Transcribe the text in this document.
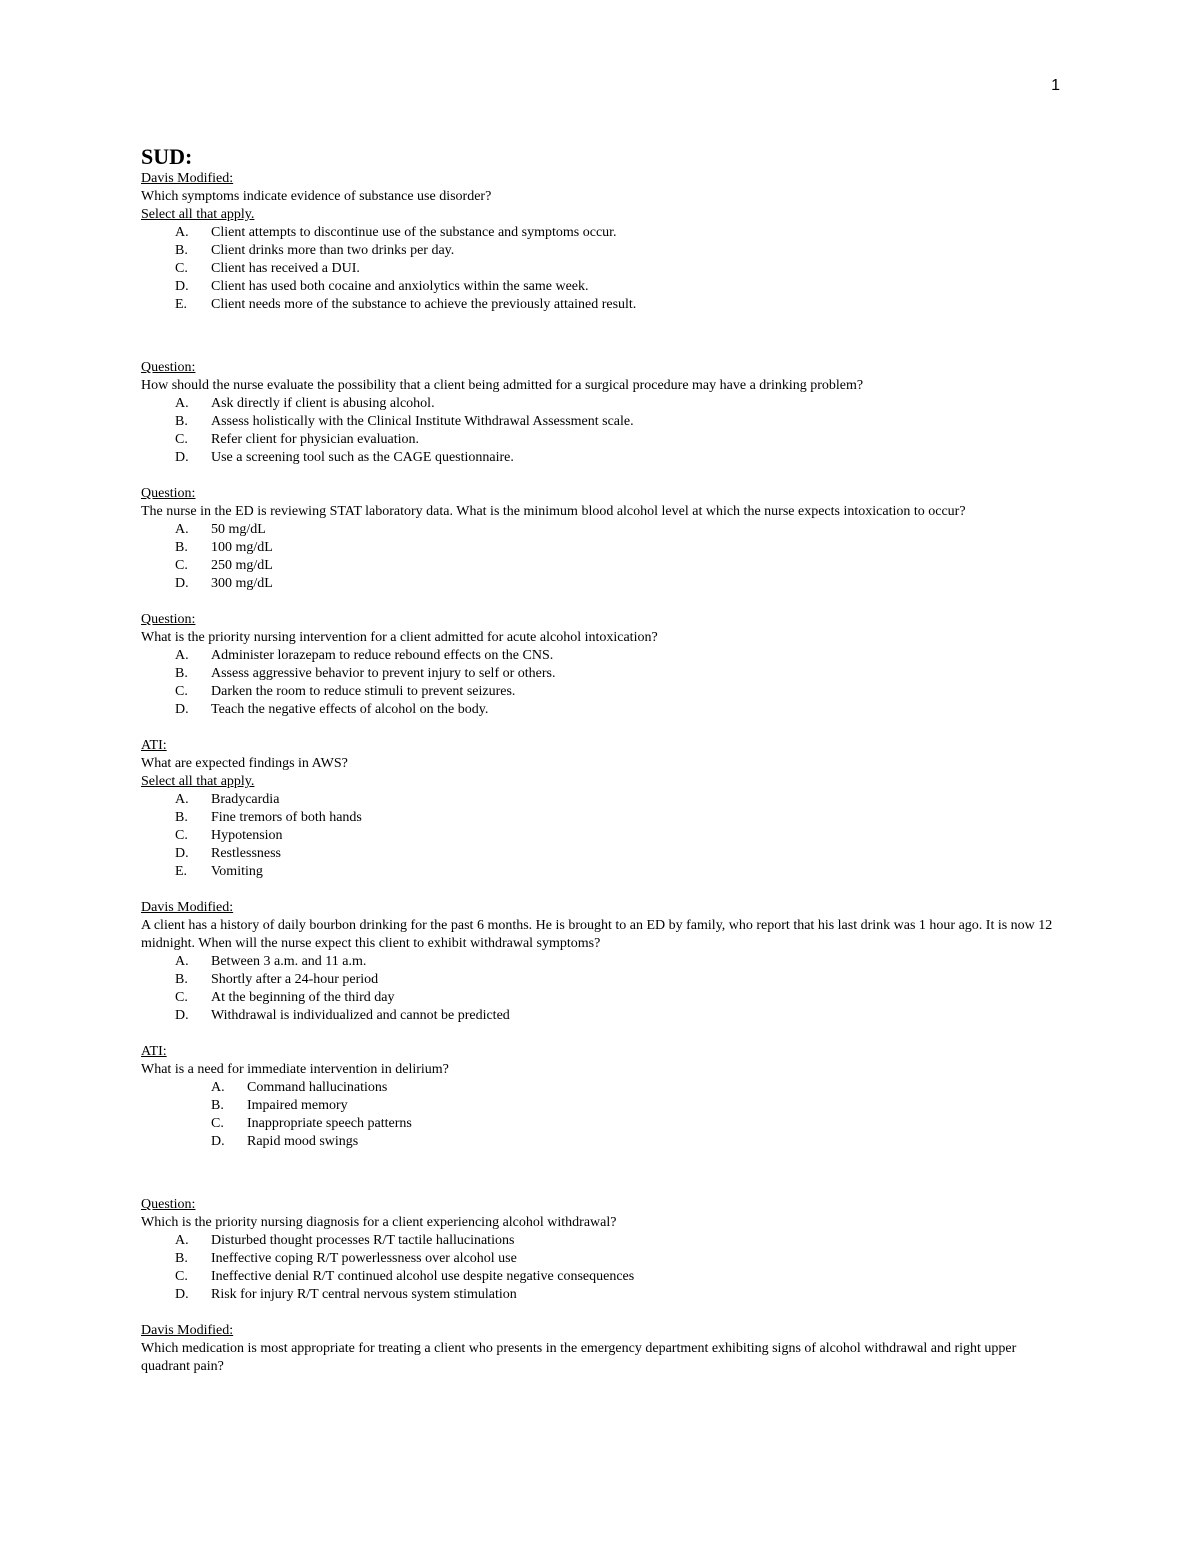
1
SUD:
Davis Modified:
Which symptoms indicate evidence of substance use disorder?
Select all that apply.
A.	Client attempts to discontinue use of the substance and symptoms occur.
B.	Client drinks more than two drinks per day.
C.	Client has received a DUI.
D.	Client has used both cocaine and anxiolytics within the same week.
E.	Client needs more of the substance to achieve the previously attained result.
Question:
How should the nurse evaluate the possibility that a client being admitted for a surgical procedure may have a drinking problem?
A.	Ask directly if client is abusing alcohol.
B.	Assess holistically with the Clinical Institute Withdrawal Assessment scale.
C.	Refer client for physician evaluation.
D.	Use a screening tool such as the CAGE questionnaire.
Question:
The nurse in the ED is reviewing STAT laboratory data. What is the minimum blood alcohol level at which the nurse expects intoxication to occur?
A.	50 mg/dL
B.	100 mg/dL
C.	250 mg/dL
D.	300 mg/dL
Question:
What is the priority nursing intervention for a client admitted for acute alcohol intoxication?
A.	Administer lorazepam to reduce rebound effects on the CNS.
B.	Assess aggressive behavior to prevent injury to self or others.
C.	Darken the room to reduce stimuli to prevent seizures.
D.	Teach the negative effects of alcohol on the body.
ATI:
What are expected findings in AWS?
Select all that apply.
A.	Bradycardia
B.	Fine tremors of both hands
C.	Hypotension
D.	Restlessness
E.	Vomiting
Davis Modified:
A client has a history of daily bourbon drinking for the past 6 months. He is brought to an ED by family, who report that his last drink was 1 hour ago. It is now 12 midnight. When will the nurse expect this client to exhibit withdrawal symptoms?
A.	Between 3 a.m. and 11 a.m.
B.	Shortly after a 24-hour period
C.	At the beginning of the third day
D.	Withdrawal is individualized and cannot be predicted
ATI:
What is a need for immediate intervention in delirium?
A.	Command hallucinations
B.	Impaired memory
C.	Inappropriate speech patterns
D.	Rapid mood swings
Question:
Which is the priority nursing diagnosis for a client experiencing alcohol withdrawal?
A.	Disturbed thought processes R/T tactile hallucinations
B.	Ineffective coping R/T powerlessness over alcohol use
C.	Ineffective denial R/T continued alcohol use despite negative consequences
D.	Risk for injury R/T central nervous system stimulation
Davis Modified:
Which medication is most appropriate for treating a client who presents in the emergency department exhibiting signs of alcohol withdrawal and right upper quadrant pain?
